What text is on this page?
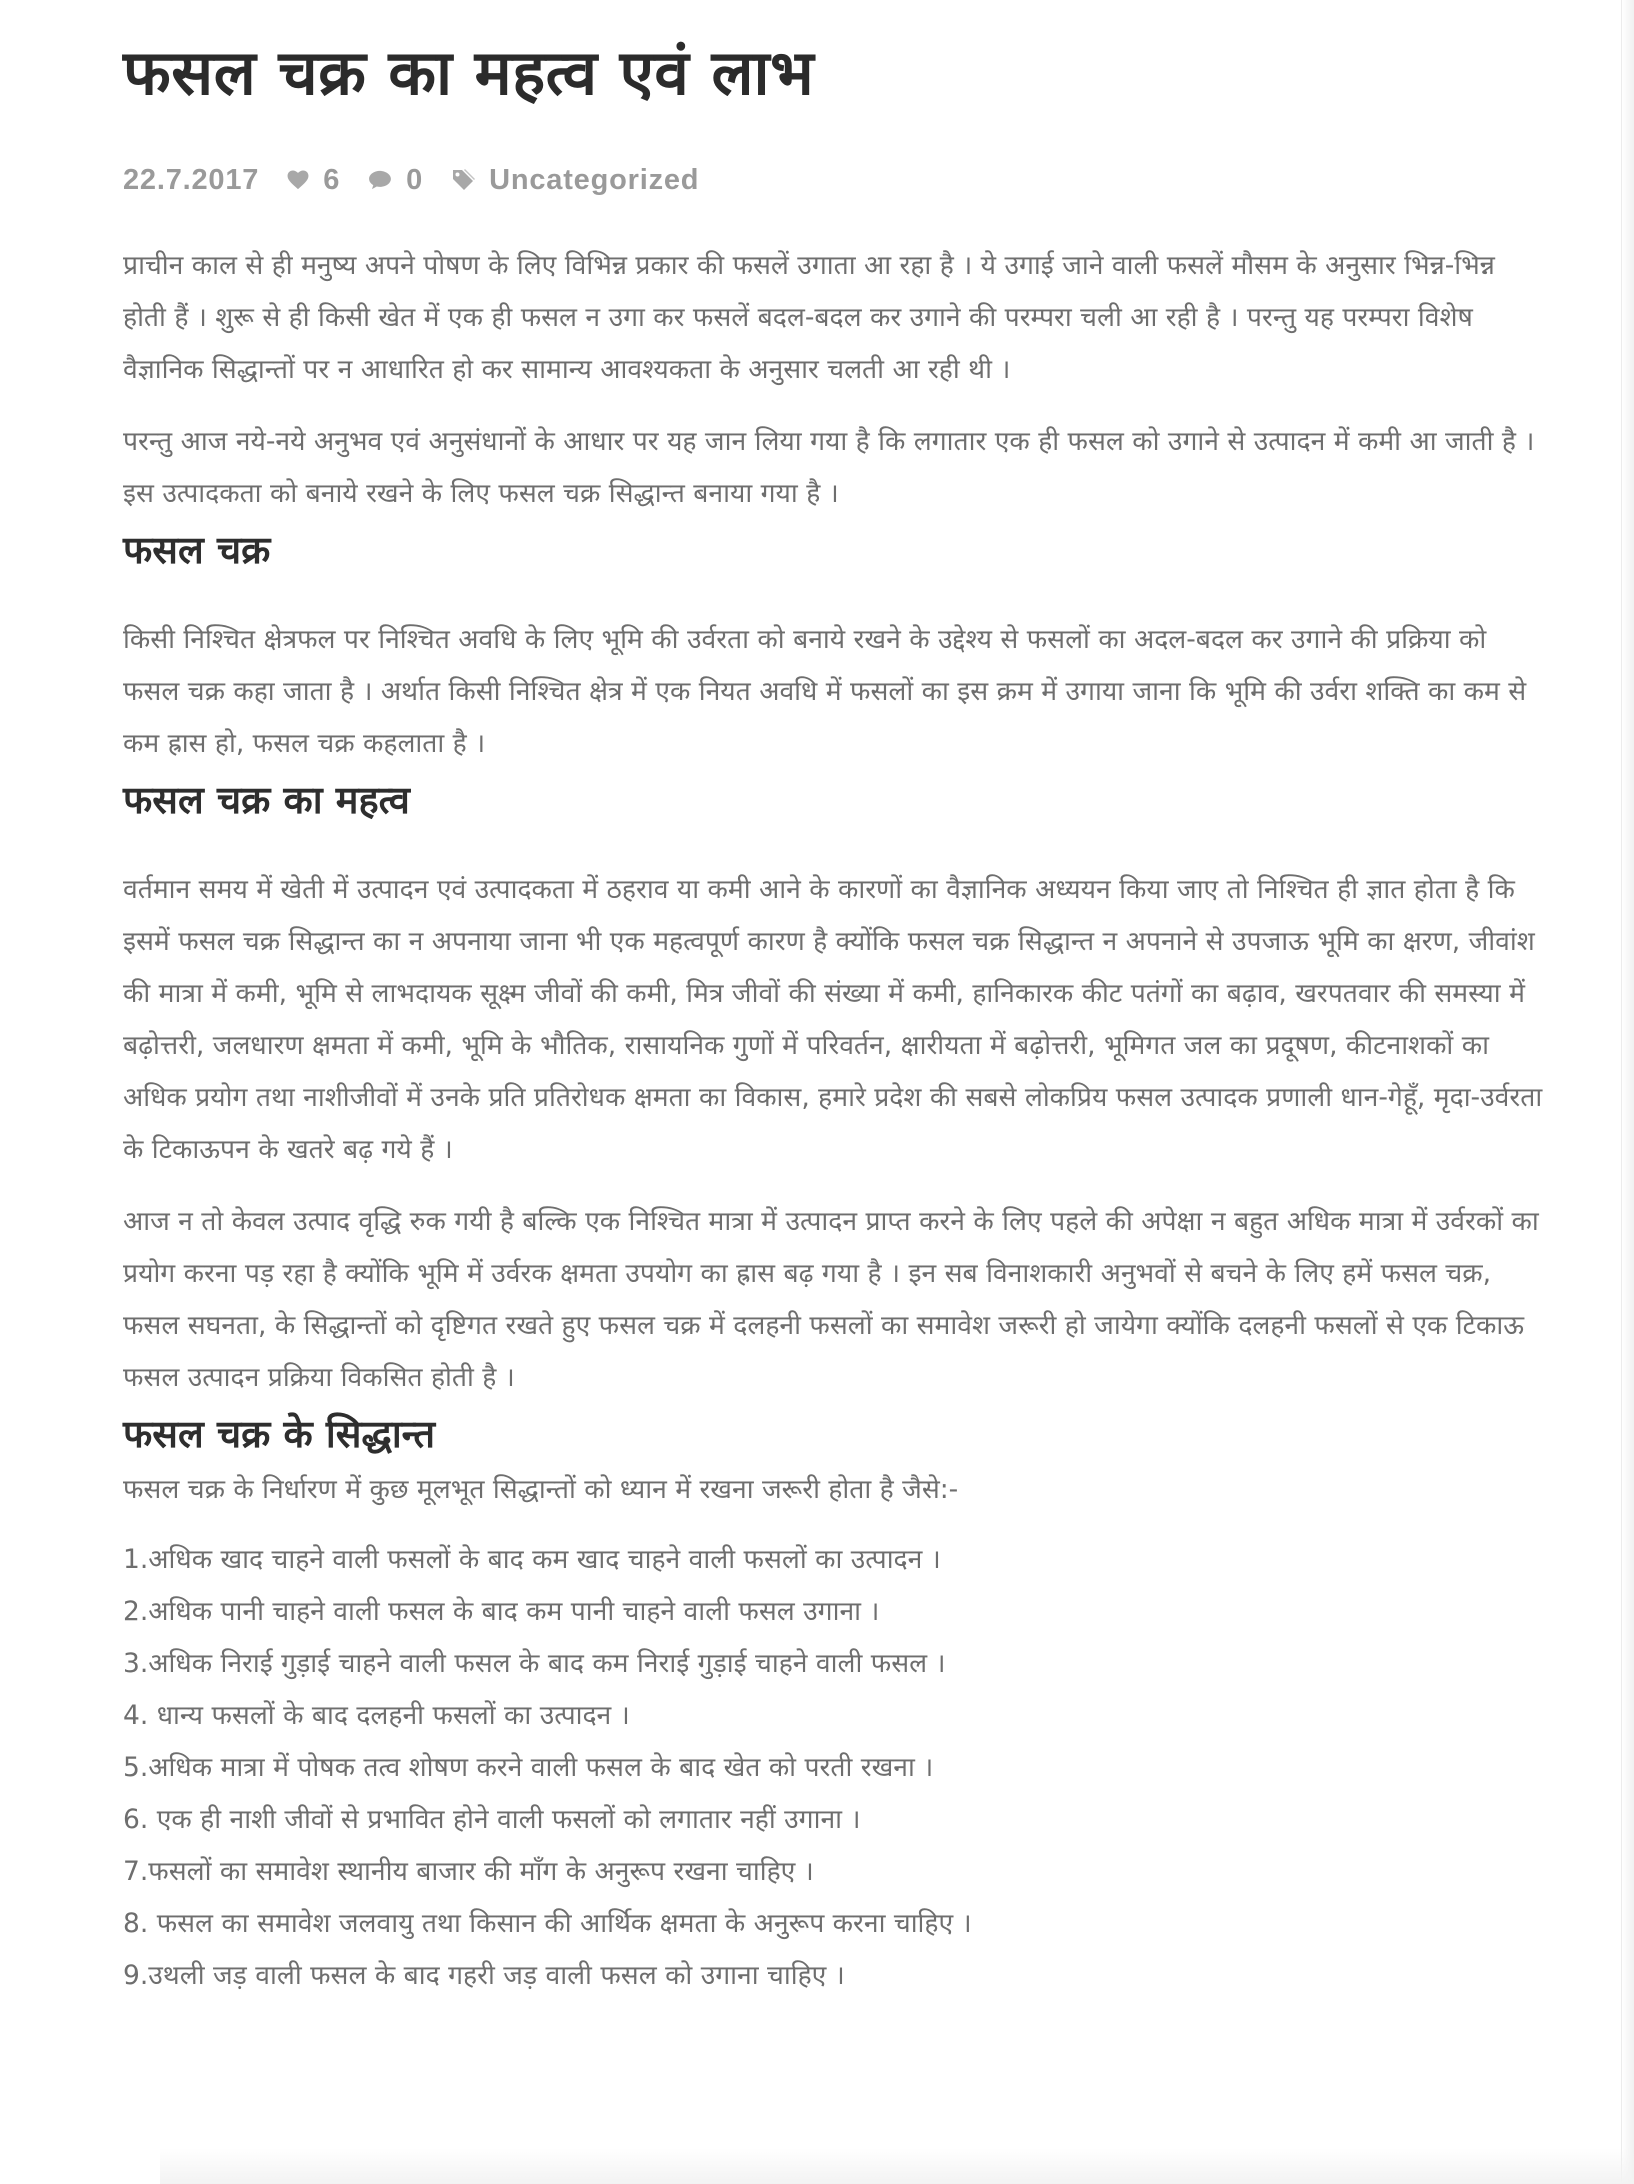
फसल चक्र का महत्व एवं लाभ
22.7.2017 6 0 Uncategorized

प्राचीन काल से ही मनुष्य अपने पोषण के लिए विभिन्न प्रकार की फसलें उगाता आ रहा है । ये उगाई जाने वाली फसलें मौसम के अनुसार भिन्न-भिन्न होती हैं । शुरू से ही किसी खेत में एक ही फसल न उगा कर फसलें बदल-बदल कर उगाने की परम्परा चली आ रही है । परन्तु यह परम्परा विशेष वैज्ञानिक सिद्धान्तों पर न आधारित हो कर सामान्य आवश्यकता के अनुसार चलती आ रही थी ।

परन्तु आज नये-नये अनुभव एवं अनुसंधानों के आधार पर यह जान लिया गया है कि लगातार एक ही फसल को उगाने से उत्पादन में कमी आ जाती है । इस उत्पादकता को बनाये रखने के लिए फसल चक्र सिद्धान्त बनाया गया है ।

फसल चक्र

किसी निश्चित क्षेत्रफल पर निश्चित अवधि के लिए भूमि की उर्वरता को बनाये रखने के उद्देश्य से फसलों का अदल-बदल कर उगाने की प्रक्रिया को फसल चक्र कहा जाता है । अर्थात किसी निश्चित क्षेत्र में एक नियत अवधि में फसलों का इस क्रम में उगाया जाना कि भूमि की उर्वरा शक्ति का कम से कम ह्रास हो, फसल चक्र कहलाता है ।

फसल चक्र का महत्व

वर्तमान समय में खेती में उत्पादन एवं उत्पादकता में ठहराव या कमी आने के कारणों का वैज्ञानिक अध्ययन किया जाए तो निश्चित ही ज्ञात होता है कि इसमें फसल चक्र सिद्धान्त का न अपनाया जाना भी एक महत्वपूर्ण कारण है क्योंकि फसल चक्र सिद्धान्त न अपनाने से उपजाऊ भूमि का क्षरण, जीवांश की मात्रा में कमी, भूमि से लाभदायक सूक्ष्म जीवों की कमी, मित्र जीवों की संख्या में कमी, हानिकारक कीट पतंगों का बढ़ाव, खरपतवार की समस्या में बढ़ोत्तरी, जलधारण क्षमता में कमी, भूमि के भौतिक, रासायनिक गुणों में परिवर्तन, क्षारीयता में बढ़ोत्तरी, भूमिगत जल का प्रदूषण, कीटनाशकों का अधिक प्रयोग तथा नाशीजीवों में उनके प्रति प्रतिरोधक क्षमता का विकास, हमारे प्रदेश की सबसे लोकप्रिय फसल उत्पादक प्रणाली धान-गेहूँ, मृदा-उर्वरता के टिकाऊपन के खतरे बढ़ गये हैं ।

आज न तो केवल उत्पाद वृद्धि रुक गयी है बल्कि एक निश्चित मात्रा में उत्पादन प्राप्त करने के लिए पहले की अपेक्षा न बहुत अधिक मात्रा में उर्वरकों का प्रयोग करना पड़ रहा है क्योंकि भूमि में उर्वरक क्षमता उपयोग का ह्रास बढ़ गया है । इन सब विनाशकारी अनुभवों से बचने के लिए हमें फसल चक्र, फसल सघनता, के सिद्धान्तों को दृष्टिगत रखते हुए फसल चक्र में दलहनी फसलों का समावेश जरूरी हो जायेगा क्योंकि दलहनी फसलों से एक टिकाऊ फसल उत्पादन प्रक्रिया विकसित होती है ।

फसल चक्र के सिद्धान्त

फसल चक्र के निर्धारण में कुछ मूलभूत सिद्धान्तों को ध्यान में रखना जरूरी होता है जैसे:-

1.अधिक खाद चाहने वाली फसलों के बाद कम खाद चाहने वाली फसलों का उत्पादन ।
2.अधिक पानी चाहने वाली फसल के बाद कम पानी चाहने वाली फसल उगाना ।
3.अधिक निराई गुड़ाई चाहने वाली फसल के बाद कम निराई गुड़ाई चाहने वाली फसल ।
4. धान्य फसलों के बाद दलहनी फसलों का उत्पादन ।
5.अधिक मात्रा में पोषक तत्व शोषण करने वाली फसल के बाद खेत को परती रखना ।
6. एक ही नाशी जीवों से प्रभावित होने वाली फसलों को लगातार नहीं उगाना ।
7.फसलों का समावेश स्थानीय बाजार की माँग के अनुरूप रखना चाहिए ।
8. फसल का समावेश जलवायु तथा किसान की आर्थिक क्षमता के अनुरूप करना चाहिए ।
9.उथली जड़ वाली फसल के बाद गहरी जड़ वाली फसल को उगाना चाहिए ।
